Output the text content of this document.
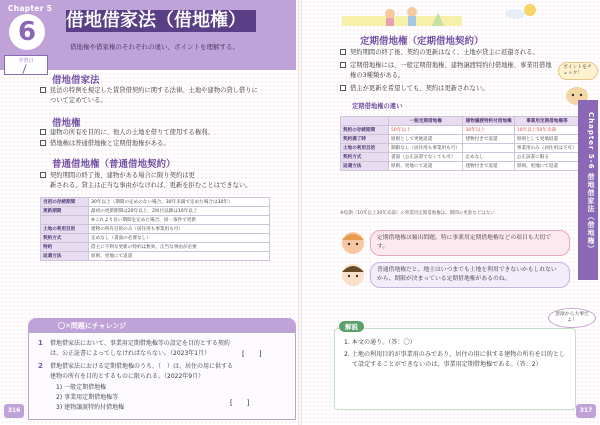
Chapter 5
6
学習日
借地借家法（借地権）
借地権や借家権のそれぞれの違い、ポイントを理解する。
借地借家法
民法の特例を規定した賃貸借契約に関する法律。土地や建物の貸し借りに
ついて定めている。
借地権
建物の所有を目的に、他人の土地を借りて使用する権利。
借地権は普通借地権と定期借地権がある。
普通借地権（普通借地契約）
契約期間の終了後、建物がある場合に限り契約は更
新される。貸主は正当な事由がなければ、更新を拒むことはできない。
当初の存続期間	30年以上（期間の定めのない場合、30年未満で定めた場合は30年）
更新期間	最初の更新期間は20年以上、2回目以降は10年以上
	※これより長い期間を定めた場合、同一条件で更新
土地の利用目的	建物の所有目的のみ（居住用も事業用も可）
契約方式	定めなし（書面の必要なし）
特約	借主に不利な更新の特約は無効、正当な事由が必要
返還方法	原則、更地にて返還
〇✕問題にチャレンジ
1 借地借家法において、事業用定期借地権等の設定を目的とする契約
は、公正証書によってしなければならない。（2023年1月）	[　　]
2 借地借家法における定期借地権のうち、（　）は、居住の用に供する
建物の所有を目的とするものに限られる。（2022年9月）
1) 一般定期借地権
2) 事業用定期借地権等
3) 建物譲渡特約付借地権
[　　]
316
定期借地権（定期借地契約）
契約期間の終了後、契約の更新はなく、土地が貸主に返還される。
定期借地権には、一般定期借地権、建物譲渡特約付借地権、事業用借地
権の3種類がある。
借主が更新を希望しても、契約は更新されない。
定期借地権の違い
	一般定期借地権	建物譲渡特約付借地権	事業用定期借地権等
契約の存続期間	50年以上	30年以上	10年以上50年未満
契約満了時	原則として更地返還	建物付きで返還	原則として更地返還
土地の利用目的	制限なし（居住用も事業用も可）		事業用のみ（居住用は不可）
契約方式	書面（公正証書でなくても可）	定めなし	公正証書に限る
返還方法	原則、更地にて返還	建物付きで返還	原則、更地にて返還
※短期（10年以上30年未満）の事業用定期借地権は、期間の更新などはない
定期借地権は頻出問題。特に事業用定期借地権などの項目も大切で
す。
普通借地権だと、地主はいつまでも土地を利用できないかもしれない
から、期限が決まっている定期借地権があるのね。
ポイントをチェック！
解説
1. 本文の通り。（答：〇）
2. 土地の利用目的が事業用のみであり、居住の用に供する建物の所有を目的とし
て設定することができないのは、事業用定期借地権である。（答：2）
意欲から大事だよ！
317
Chapter 5-6 借地借家法（借地権）
